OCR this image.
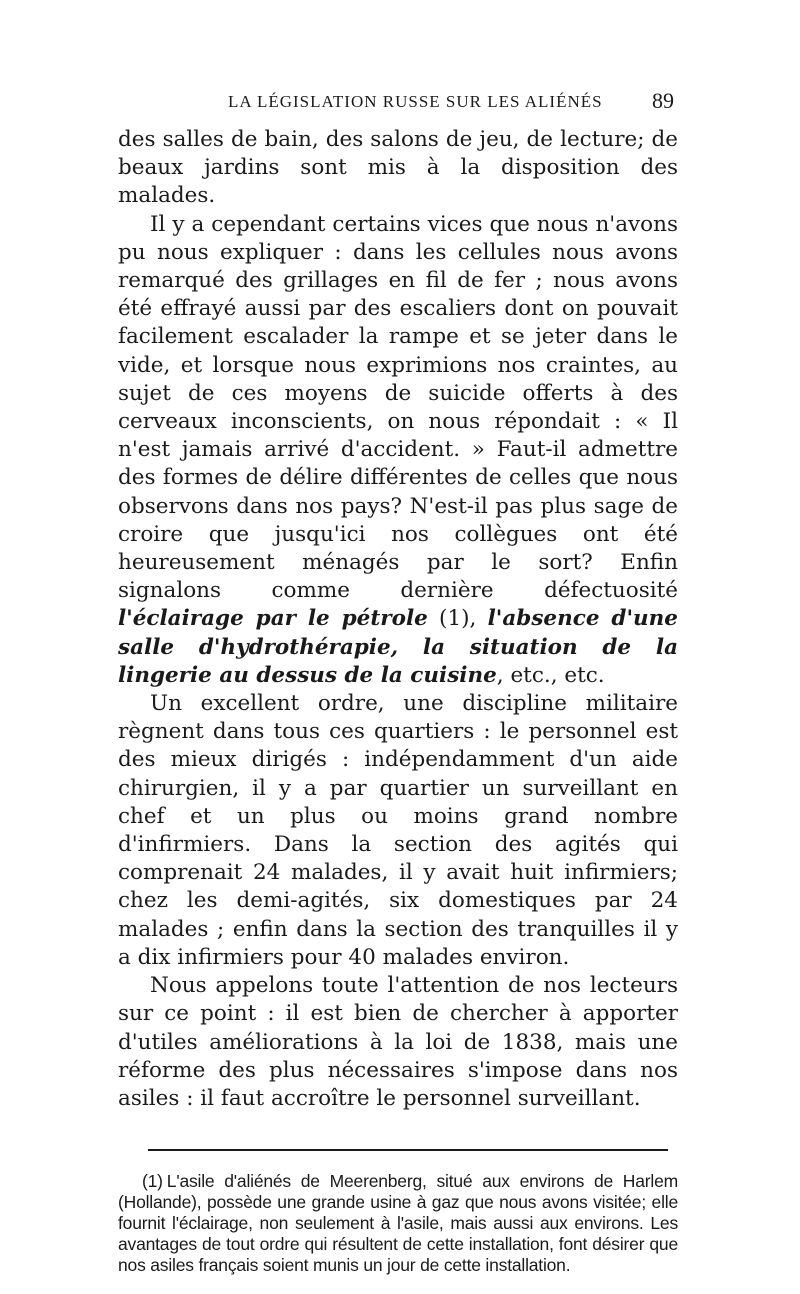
LA LÉGISLATION RUSSE SUR LES ALIÉNÉS 89

des salles de bain, des salons de jeu, de lecture; de beaux jardins sont mis à la disposition des malades.

Il y a cependant certains vices que nous n'avons pu nous expliquer : dans les cellules nous avons remarqué des grillages en fil de fer ; nous avons été effrayé aussi par des escaliers dont on pouvait facilement escalader la rampe et se jeter dans le vide, et lorsque nous exprimions nos craintes, au sujet de ces moyens de suicide offerts à des cerveaux inconscients, on nous répondait : « Il n'est jamais arrivé d'accident. » Faut-il admettre des formes de délire différentes de celles que nous observons dans nos pays? N'est-il pas plus sage de croire que jusqu'ici nos collègues ont été heureusement ménagés par le sort? Enfin signalons comme dernière défectuosité l'éclairage par le pétrole (1), l'absence d'une salle d'hydrothérapie, la situation de la lingerie au dessus de la cuisine, etc., etc.

Un excellent ordre, une discipline militaire règnent dans tous ces quartiers : le personnel est des mieux dirigés : indépendamment d'un aide chirurgien, il y a par quartier un surveillant en chef et un plus ou moins grand nombre d'infirmiers. Dans la section des agités qui comprenait 24 malades, il y avait huit infirmiers; chez les demi-agités, six domestiques par 24 malades ; enfin dans la section des tranquilles il y a dix infirmiers pour 40 malades environ.

Nous appelons toute l'attention de nos lecteurs sur ce point : il est bien de chercher à apporter d'utiles améliorations à la loi de 1838, mais une réforme des plus nécessaires s'impose dans nos asiles : il faut accroître le personnel surveillant.

(1) L'asile d'aliénés de Meerenberg, situé aux environs de Harlem (Hollande), possède une grande usine à gaz que nous avons visitée; elle fournit l'éclairage, non seulement à l'asile, mais aussi aux environs. Les avantages de tout ordre qui résultent de cette installation, font désirer que nos asiles français soient munis un jour de cette installation.
